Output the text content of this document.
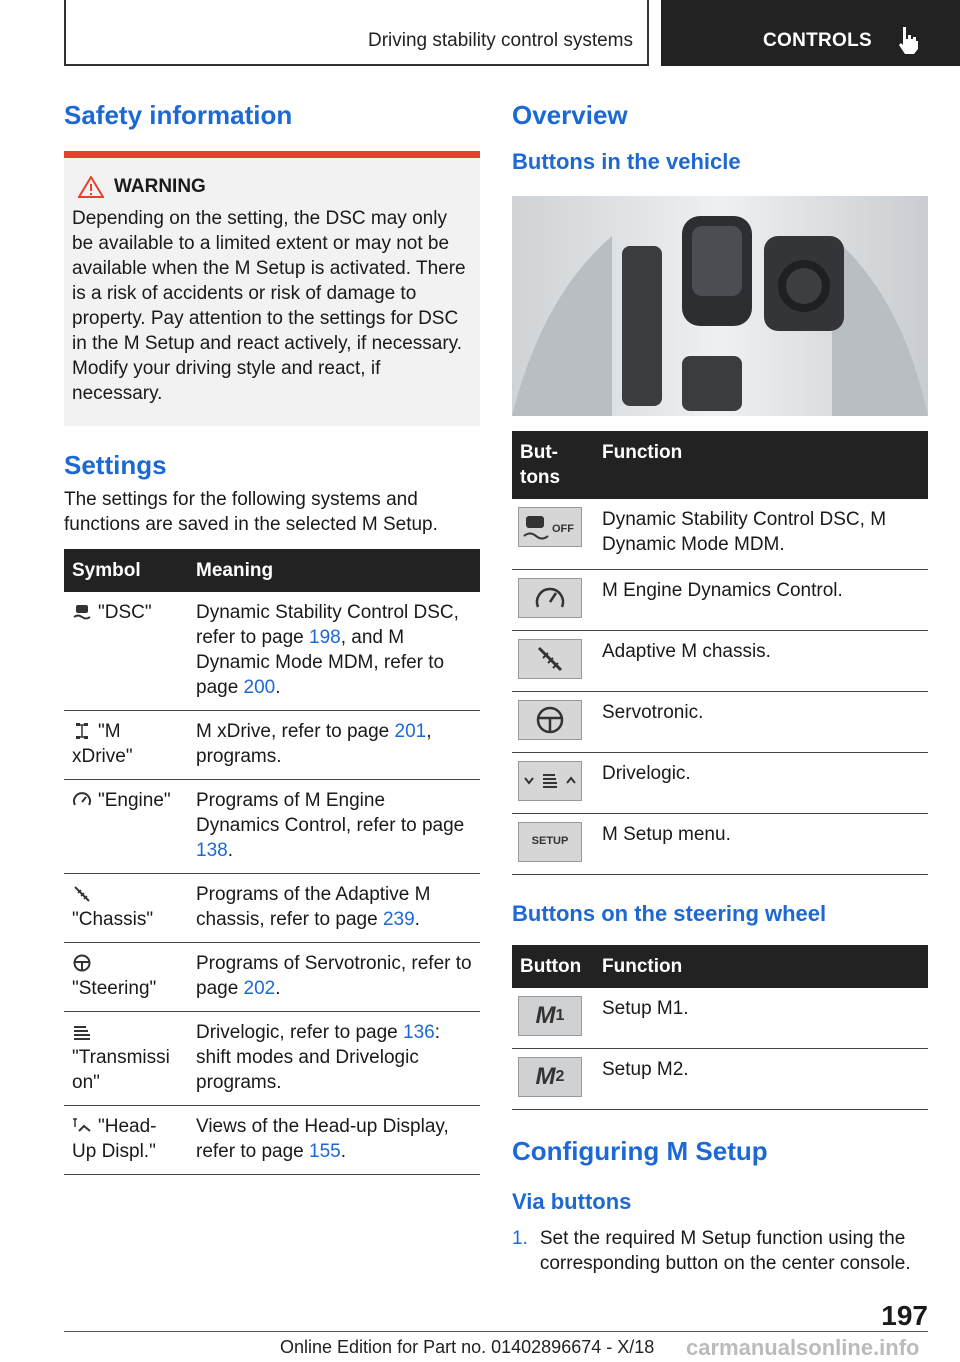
Driving stability control systems	CONTROLS
Safety information
WARNING
Depending on the setting, the DSC may only be available to a limited extent or may not be available when the M Setup is activated. There is a risk of accidents or risk of damage to property. Pay attention to the settings for DSC in the M Setup and react actively, if necessary. Modify your driving style and react, if necessary.
Settings

The settings for the following systems and functions are saved in the selected M Setup.

Symbol	Meaning
"DSC"	Dynamic Stability Control DSC, refer to page 198, and M Dynamic Mode MDM, refer to page 200.
"M xDrive"	M xDrive, refer to page 201, programs.
"Engine"	Programs of M Engine Dynamics Control, refer to page 138.

"Chassis"	Programs of the Adaptive M chassis, refer to page 239.

"Steering"	Programs of Servotronic, refer to page 202.

"Transmission"	Drivelogic, refer to page 136: shift modes and Drivelogic programs.
"Head-Up Displ."	Views of the Head-up Display, refer to page 155.
Overview
Buttons in the vehicle
But-tons	Function

OFF	Dynamic Stability Control DSC, M Dynamic Mode MDM.

	M Engine Dynamics Control.

	Adaptive M chassis.

	Servotronic.

	Drivelogic.

SETUP	M Setup menu.
Buttons on the steering wheel
Button	Function

M 1	Setup M1.

M 2	Setup M2.
Configuring M Setup
Via buttons
1. Set the required M Setup function using the corresponding button on the center console.
197
Online Edition for Part no. 01402896674 - X/18 carmanualsonline.info
